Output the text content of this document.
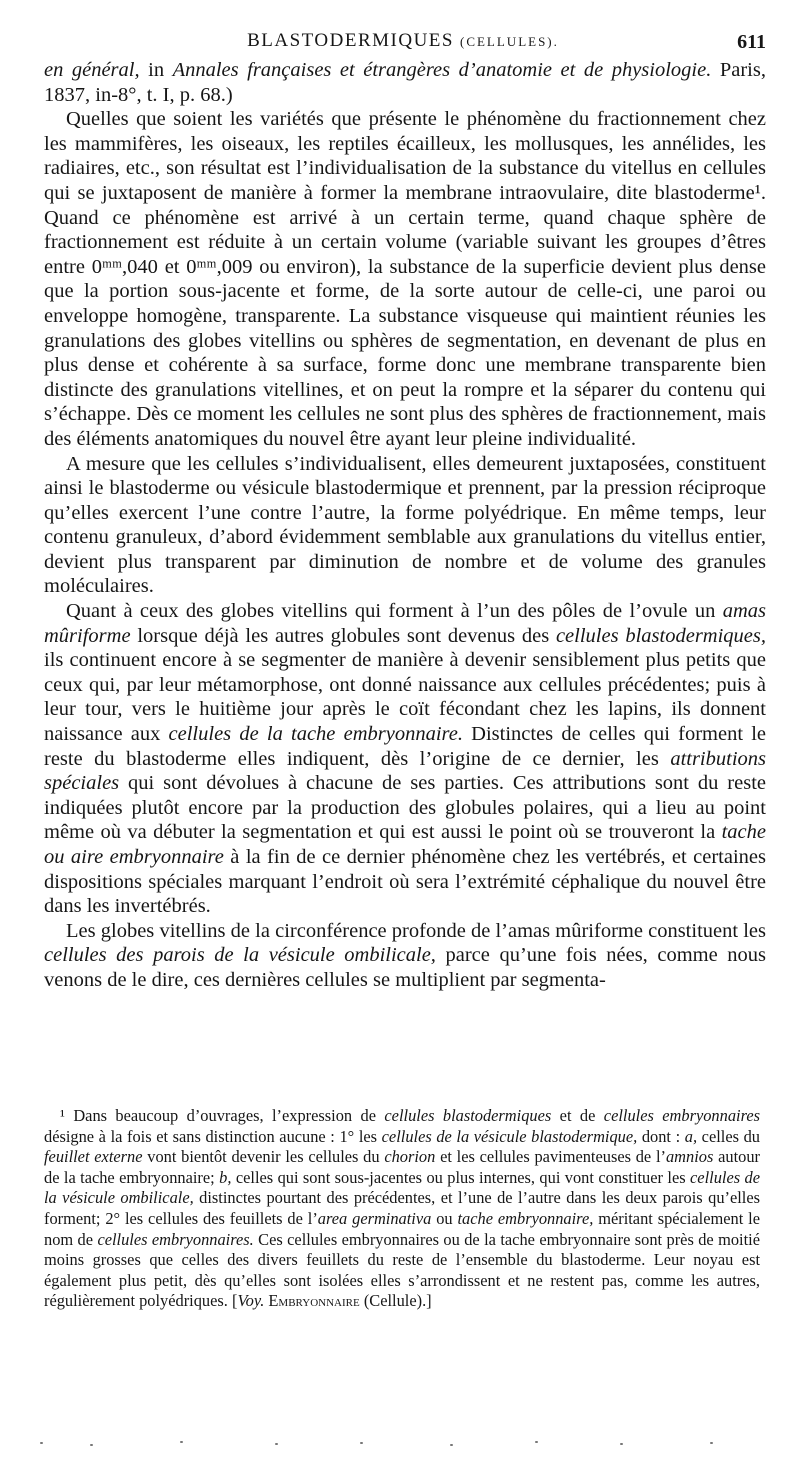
BLASTODERMIQUES (CELLULES).	611

en général, in Annales françaises et étrangères d’anatomie et de physiologie. Paris, 1837, in-8°, t. I, p. 68.)

Quelles que soient les variétés que présente le phénomène du fractionnement chez les mammifères, les oiseaux, les reptiles écailleux, les mollusques, les annélides, les radiaires, etc., son résultat est l’individualisation de la substance du vitellus en cellules qui se juxtaposent de manière à former la membrane intraovulaire, dite blastoderme¹. Quand ce phénomène est arrivé à un certain terme, quand chaque sphère de fractionnement est réduite à un certain volume (variable suivant les groupes d’êtres entre 0ᵐᵐ,040 et 0ᵐᵐ,009 ou environ), la substance de la superficie devient plus dense que la portion sous-jacente et forme, de la sorte autour de celle-ci, une paroi ou enveloppe homogène, transparente. La substance visqueuse qui maintient réunies les granulations des globes vitellins ou sphères de segmentation, en devenant de plus en plus dense et cohérente à sa surface, forme donc une membrane transparente bien distincte des granulations vitellines, et on peut la rompre et la séparer du contenu qui s’échappe. Dès ce moment les cellules ne sont plus des sphères de fractionnement, mais des éléments anatomiques du nouvel être ayant leur pleine individualité.

A mesure que les cellules s’individualisent, elles demeurent juxtaposées, constituent ainsi le blastoderme ou vésicule blastodermique et prennent, par la pression réciproque qu’elles exercent l’une contre l’autre, la forme polyédrique. En même temps, leur contenu granuleux, d’abord évidemment semblable aux granulations du vitellus entier, devient plus transparent par diminution de nombre et de volume des granules moléculaires.

Quant à ceux des globes vitellins qui forment à l’un des pôles de l’ovule un amas mûriforme lorsque déjà les autres globules sont devenus des cellules blastodermiques, ils continuent encore à se segmenter de manière à devenir sensiblement plus petits que ceux qui, par leur métamorphose, ont donné naissance aux cellules précédentes; puis à leur tour, vers le huitième jour après le coït fécondant chez les lapins, ils donnent naissance aux cellules de la tache embryonnaire. Distinctes de celles qui forment le reste du blastoderme elles indiquent, dès l’origine de ce dernier, les attributions spéciales qui sont dévolues à chacune de ses parties. Ces attributions sont du reste indiquées plutôt encore par la production des globules polaires, qui a lieu au point même où va débuter la segmentation et qui est aussi le point où se trouveront la tache ou aire embryonnaire à la fin de ce dernier phénomène chez les vertébrés, et certaines dispositions spéciales marquant l’endroit où sera l’extrémité céphalique du nouvel être dans les invertébrés.

Les globes vitellins de la circonférence profonde de l’amas mûriforme constituent les cellules des parois de la vésicule ombilicale, parce qu’une fois nées, comme nous venons de le dire, ces dernières cellules se multiplient par segmenta-

¹ Dans beaucoup d’ouvrages, l’expression de cellules blastodermiques et de cellules embryonnaires désigne à la fois et sans distinction aucune : 1° les cellules de la vésicule blastodermique, dont : a, celles du feuillet externe vont bientôt devenir les cellules du chorion et les cellules pavimenteuses de l’amnios autour de la tache embryonnaire; b, celles qui sont sous-jacentes ou plus internes, qui vont constituer les cellules de la vésicule ombilicale, distinctes pourtant des précédentes, et l’une de l’autre dans les deux parois qu’elles forment; 2° les cellules des feuillets de l’area germinativa ou tache embryonnaire, méritant spécialement le nom de cellules embryonnaires. Ces cellules embryonnaires ou de la tache embryonnaire sont près de moitié moins grosses que celles des divers feuillets du reste de l’ensemble du blastoderme. Leur noyau est également plus petit, dès qu’elles sont isolées elles s’arrondissent et ne restent pas, comme les autres, régulièrement polyédriques. [Voy. Embryonnaire (Cellule).]
